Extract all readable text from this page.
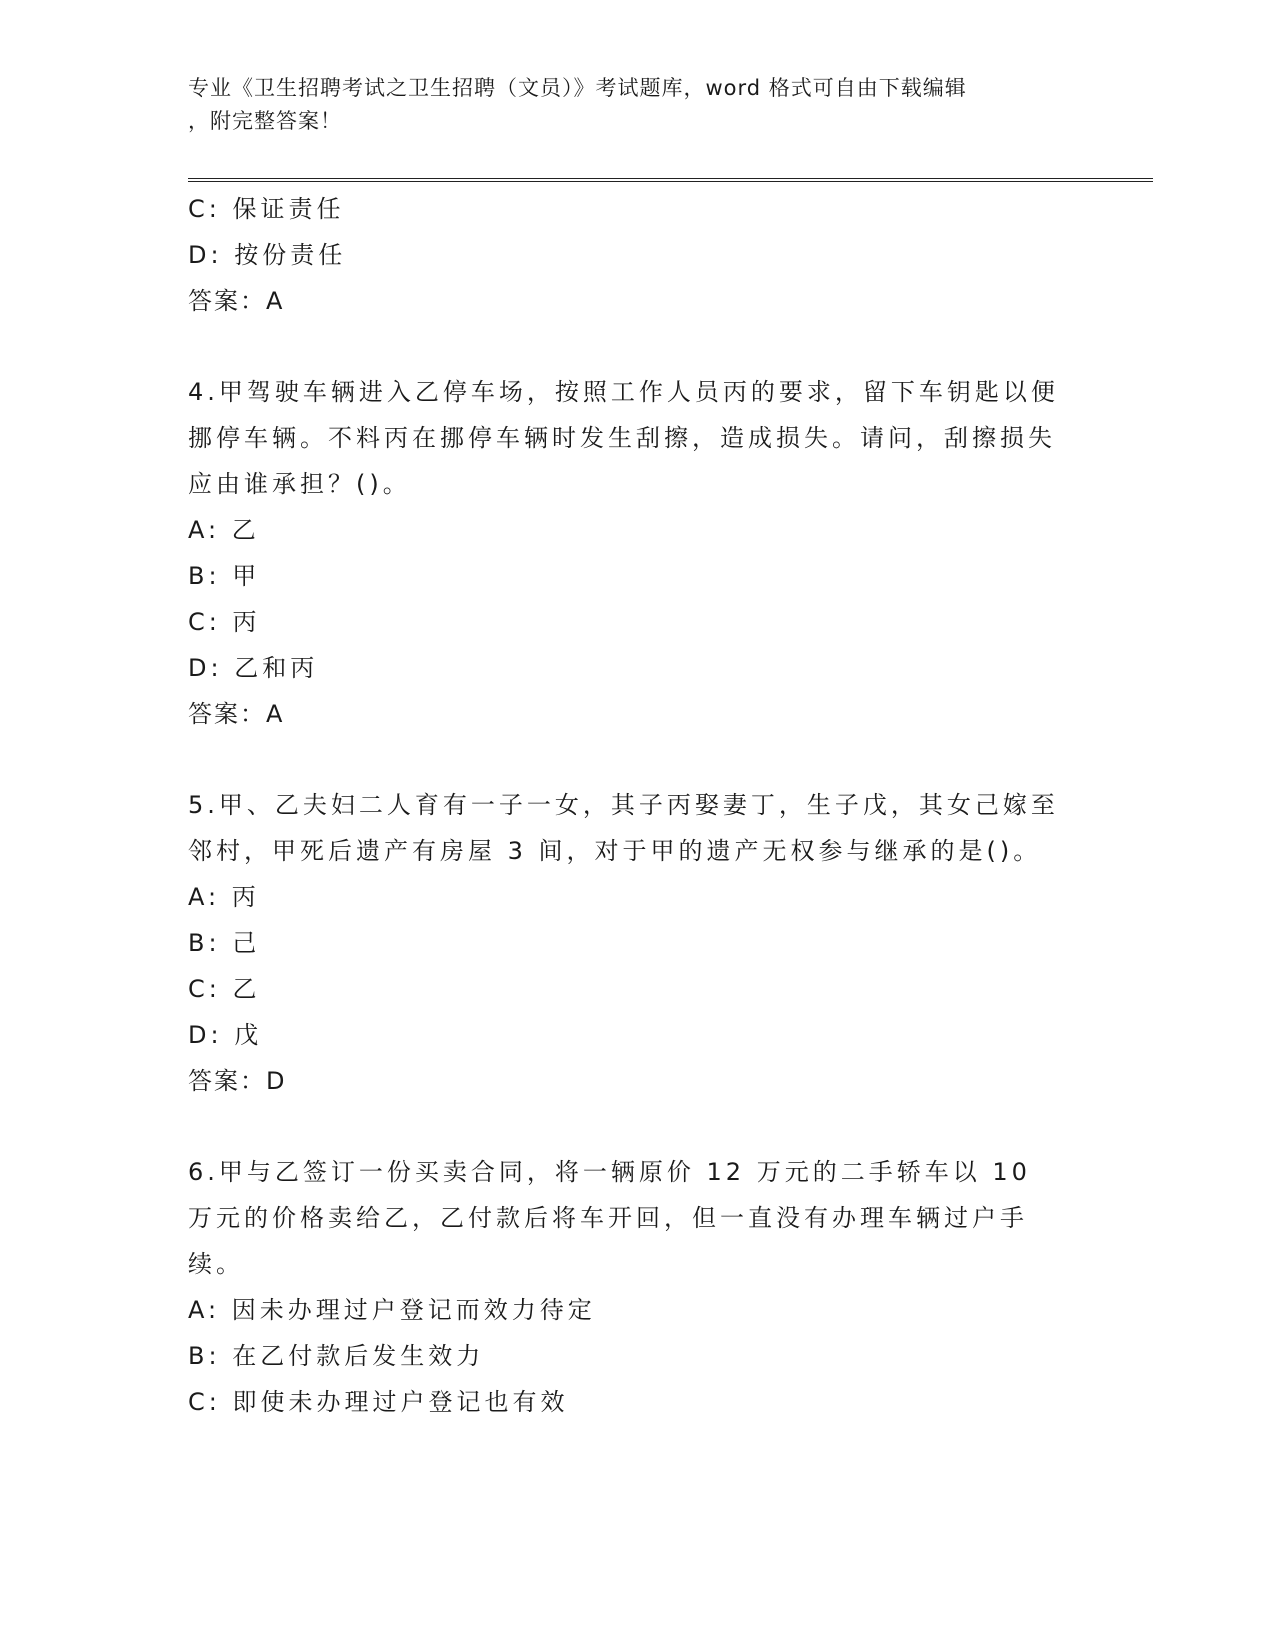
专业《卫生招聘考试之卫生招聘（文员）》考试题库，word 格式可自由下载编辑
，附完整答案！
C: 保证责任
D: 按份责任
答案：A
4.甲驾驶车辆进入乙停车场，按照工作人员丙的要求，留下车钥匙以便挪停车辆。不料丙在挪停车辆时发生刮擦，造成损失。请问，刮擦损失应由谁承担？()。
A: 乙
B: 甲
C: 丙
D: 乙和丙
答案：A
5.甲、乙夫妇二人育有一子一女，其子丙娶妻丁，生子戊，其女己嫁至邻村，甲死后遗产有房屋 3 间，对于甲的遗产无权参与继承的是()。
A: 丙
B: 己
C: 乙
D: 戊
答案：D
6.甲与乙签订一份买卖合同，将一辆原价 12 万元的二手轿车以 10 万元的价格卖给乙，乙付款后将车开回，但一直没有办理车辆过户手续。
A: 因未办理过户登记而效力待定
B: 在乙付款后发生效力
C: 即使未办理过户登记也有效
